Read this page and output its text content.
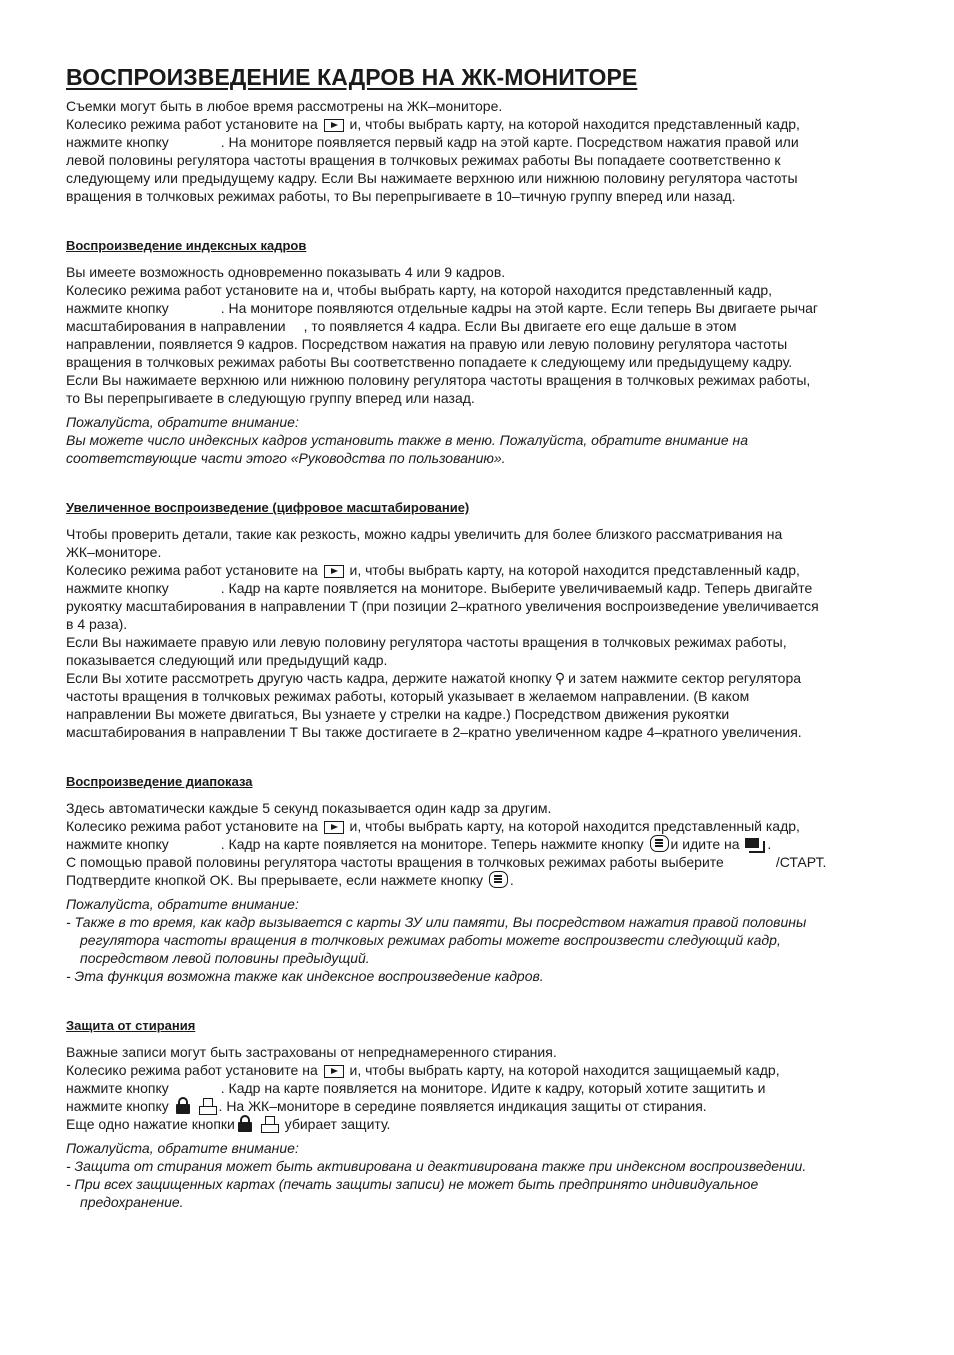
ВОСПРОИЗВЕДЕНИЕ КАДРОВ НА ЖК-МОНИТОРЕ

Съемки могут быть в любое время рассмотрены на ЖК–мониторе.

Колесико режима работ установите на и, чтобы выбрать карту, на которой находится представленный кадр,

нажмите кнопку	. На мониторе появляется первый кадр на этой карте. Посредством нажатия правой или

левой половины регулятора частоты вращения в толчковых режимах работы Вы попадаете соответственно к

следующему или предыдущему кадру. Если Вы нажимаете верхнюю или нижнюю половину регулятора частоты

вращения в толчковых режимах работы, то Вы перепрыгиваете в 10–тичную группу вперед или назад.

Воспроизведение индексных кадров

Вы имеете возможность одновременно показывать 4 или 9 кадров.

Колесико режима работ установите на и, чтобы выбрать карту, на которой находится представленный кадр,

нажмите кнопку	. На мониторе появляются отдельные кадры на этой карте. Если теперь Вы двигаете рычаг

масштабирования в направлении , то появляется 4 кадра. Если Вы двигаете его еще дальше в этом

направлении, появляется 9 кадров. Посредством нажатия на правую или левую половину регулятора частоты

вращения в толчковых режимах работы Вы соответственно попадаете к следующему или предыдущему кадру.

Если Вы нажимаете верхнюю или нижнюю половину регулятора частоты вращения в толчковых режимах работы,

то Вы перепрыгиваете в следующую группу вперед или назад.

Пожалуйста, обратите внимание:

Вы можете число индексных кадров установить также в меню. Пожалуйста, обратите внимание на

соответствующие части этого «Руководства по пользованию».

Увеличенное воспроизведение (цифровое масштабирование)

Чтобы проверить детали, такие как резкость, можно кадры увеличить для более близкого рассматривания на

ЖК–мониторе.

Колесико режима работ установите на и, чтобы выбрать карту, на которой находится представленный кадр,

нажмите кнопку	. Кадр на карте появляется на мониторе. Выберите увеличиваемый кадр. Теперь двигайте

рукоятку масштабирования в направлении T (при позиции 2–кратного увеличения воспроизведение увеличивается

в 4 раза).

Если Вы нажимаете правую или левую половину регулятора частоты вращения в толчковых режимах работы,

показывается следующий или предыдущий кадр.

Если Вы хотите рассмотреть другую часть кадра, держите нажатой кнопку ⚲ и затем нажмите сектор регулятора

частоты вращения в толчковых режимах работы, который указывает в желаемом направлении. (В каком

направлении Вы можете двигаться, Вы узнаете у стрелки на кадре.) Посредством движения рукоятки

масштабирования в направлении T Вы также достигаете в 2–кратно увеличенном кадре 4–кратного увеличения.

Воспроизведение диапоказа

Здесь автоматически каждые 5 секунд показывается один кадр за другим.

Колесико режима работ установите на и, чтобы выбрать карту, на которой находится представленный кадр,

нажмите кнопку	. Кадр на карте появляется на мониторе. Теперь нажмите кнопку и идите на .

С помощью правой половины регулятора частоты вращения в толчковых режимах работы выберите	/СТАРТ.

Подтвердите кнопкой OK. Вы прерываете, если нажмете кнопку .

Пожалуйста, обратите внимание:

- Также в то время, как кадр вызывается с карты ЗУ или памяти, Вы посредством нажатия правой половины
регулятора частоты вращения в толчковых режимах работы можете воспроизвести следующий кадр,
посредством левой половины предыдущий.

- Эта функция возможна также как индексное воспроизведение кадров.

Защита от стирания

Важные записи могут быть застрахованы от непреднамеренного стирания.

Колесико режима работ установите на и, чтобы выбрать карту, на которой находится защищаемый кадр,

нажмите кнопку	. Кадр на карте появляется на мониторе. Идите к кадру, который хотите защитить и

нажмите кнопку	. На ЖК–мониторе в середине появляется индикация защиты от стирания.

Еще одно нажатие кнопки	убирает защиту.

Пожалуйста, обратите внимание:

- Защита от стирания может быть активирована и деактивирована также при индексном воспроизведении.

- При всех защищенных картах (печать защиты записи) не может быть предпринято индивидуальное
предохранение.
